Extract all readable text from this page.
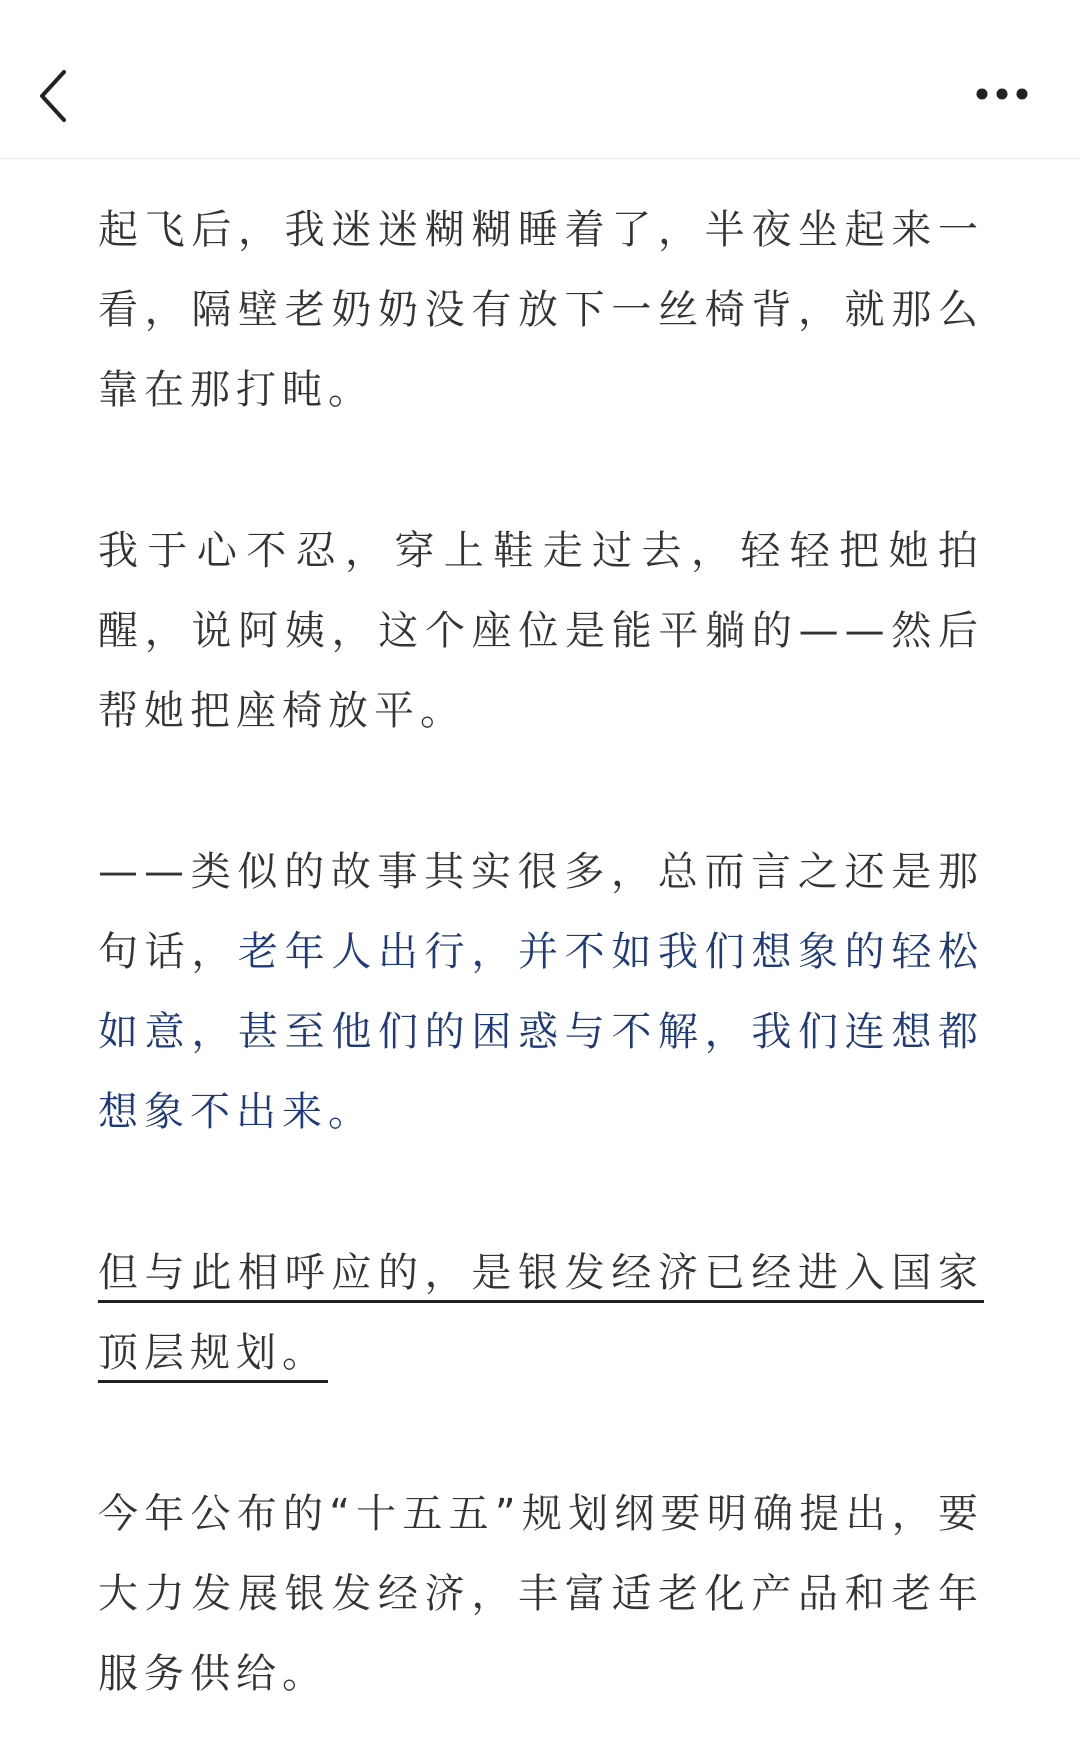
起飞后，我迷迷糊糊睡着了，半夜坐起来一看，隔壁老奶奶没有放下一丝椅背，就那么靠在那打盹。

我于心不忍，穿上鞋走过去，轻轻把她拍醒，说阿姨，这个座位是能平躺的——然后帮她把座椅放平。

——类似的故事其实很多，总而言之还是那句话，老年人出行，并不如我们想象的轻松如意，甚至他们的困惑与不解，我们连想都想象不出来。

但与此相呼应的，是银发经济已经进入国家顶层规划。

今年公布的“十五五”规划纲要明确提出，要大力发展银发经济，丰富适老化产品和老年服务供给。
